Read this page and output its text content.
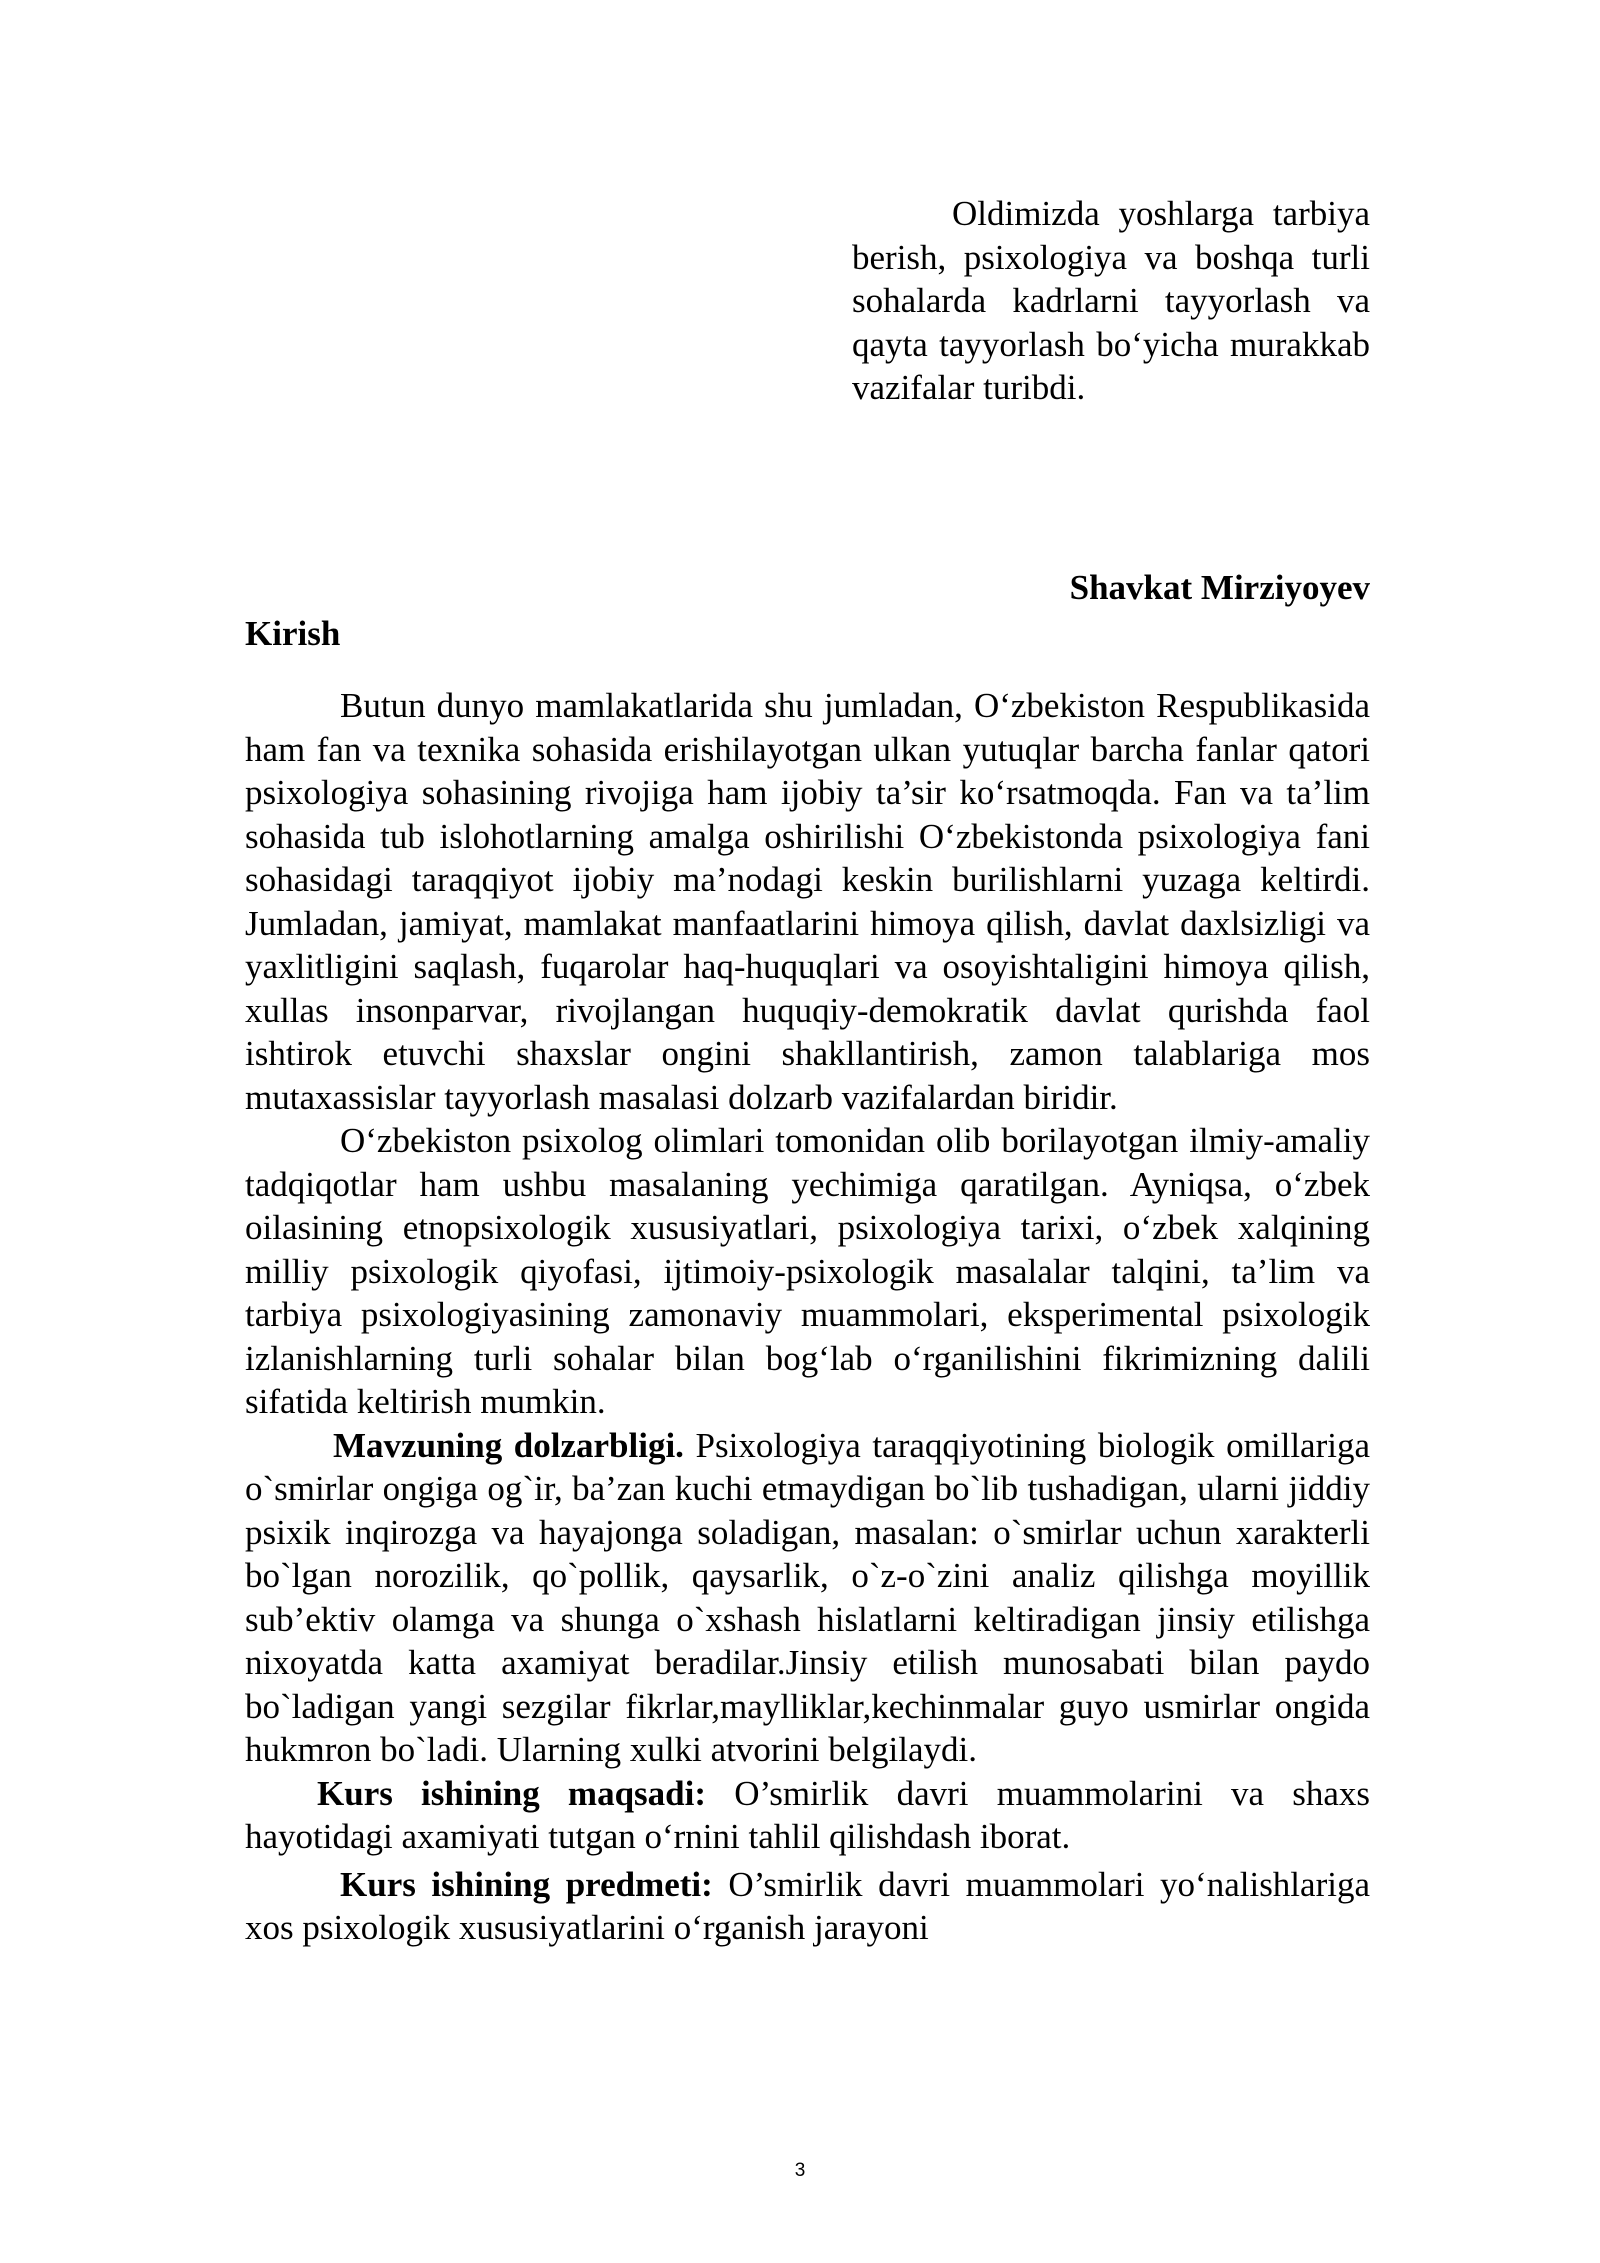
Oldimizda yoshlarga tarbiya berish, psixologiya va boshqa turli sohalarda kadrlarni tayyorlash va qayta tayyorlash bo‘yicha murakkab vazifalar turibdi.
Shavkat Mirziyoyev
Kirish

Butun dunyo mamlakatlarida shu jumladan, O‘zbekiston Respublikasida ham fan va texnika sohasida erishilayotgan ulkan yutuqlar barcha fanlar qatori psixologiya sohasining rivojiga ham ijobiy ta’sir ko‘rsatmoqda. Fan va ta’lim sohasida tub islohotlarning amalga oshirilishi O‘zbekistonda psixologiya fani sohasidagi taraqqiyot ijobiy ma’nodagi keskin burilishlarni yuzaga keltirdi. Jumladan, jamiyat, mamlakat manfaatlarini himoya qilish, davlat daxlsizligi va yaxlitligini saqlash, fuqarolar haq-huquqlari va osoyishtaligini himoya qilish, xullas insonparvar, rivojlangan huquqiy-demokratik davlat qurishda faol ishtirok etuvchi shaxslar ongini shakllantirish, zamon talablariga mos mutaxassislar tayyorlash masalasi dolzarb vazifalardan biridir.

O‘zbekiston psixolog olimlari tomonidan olib borilayotgan ilmiy-amaliy tadqiqotlar ham ushbu masalaning yechimiga qaratilgan. Ayniqsa, o‘zbek oilasining etnopsixologik xususiyatlari, psixologiya tarixi, o‘zbek xalqining milliy psixologik qiyofasi, ijtimoiy-psixologik masalalar talqini, ta’lim va tarbiya psixologiyasining zamonaviy muammolari, eksperimental psixologik izlanishlarning turli sohalar bilan bog‘lab o‘rganilishini fikrimizning dalili sifatida keltirish mumkin.

Mavzuning dolzarbligi. Psixologiya taraqqiyotining biologik omillariga o`smirlar ongiga og`ir, ba’zan kuchi etmaydigan bo`lib tushadigan, ularni jiddiy psixik inqirozga va hayajonga soladigan, masalan: o`smirlar uchun xarakterli bo`lgan norozilik, qo`pollik, qaysarlik, o`z-o`zini analiz qilishga moyillik sub’ektiv olamga va shunga o`xshash hislatlarni keltiradigan jinsiy etilishga nixoyatda katta axamiyat beradilar.Jinsiy etilish munosabati bilan paydo bo`ladigan yangi sezgilar fikrlar,maylliklar,kechinmalar guyo usmirlar ongida hukmron bo`ladi. Ularning xulki atvorini belgilaydi.

Kurs ishining maqsadi: O’smirlik davri muammolarini va shaxs hayotidagi axamiyati tutgan o‘rnini tahlil qilishdash iborat.

Kurs ishining predmeti: O’smirlik davri muammolari yo‘nalishlariga xos psixologik xususiyatlarini o‘rganish jarayoni

3
